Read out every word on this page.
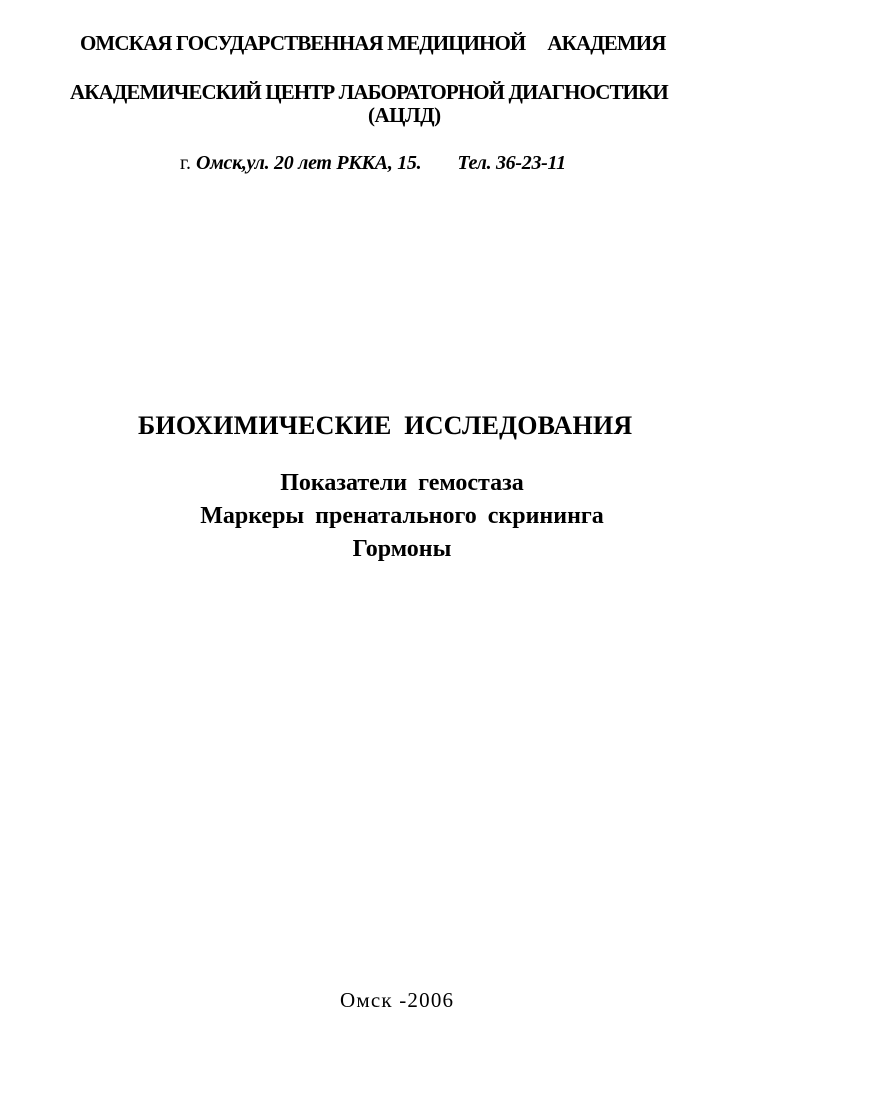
ОМСКАЯ ГОСУДАРСТВЕННАЯ МЕДИЦИНОЙ АКАДЕМИЯ
АКАДЕМИЧЕСКИЙ ЦЕНТР ЛАБОРАТОРНОЙ ДИАГНОСТИКИ
(АЦЛД)
г. Омск,ул. 20 лет РККА, 15. Тел. 36-23-11
БИОХИМИЧЕСКИЕ ИССЛЕДОВАНИЯ
Показатели гемостаза
Маркеры пренатального скрининга
Гормоны
Омск -2006
